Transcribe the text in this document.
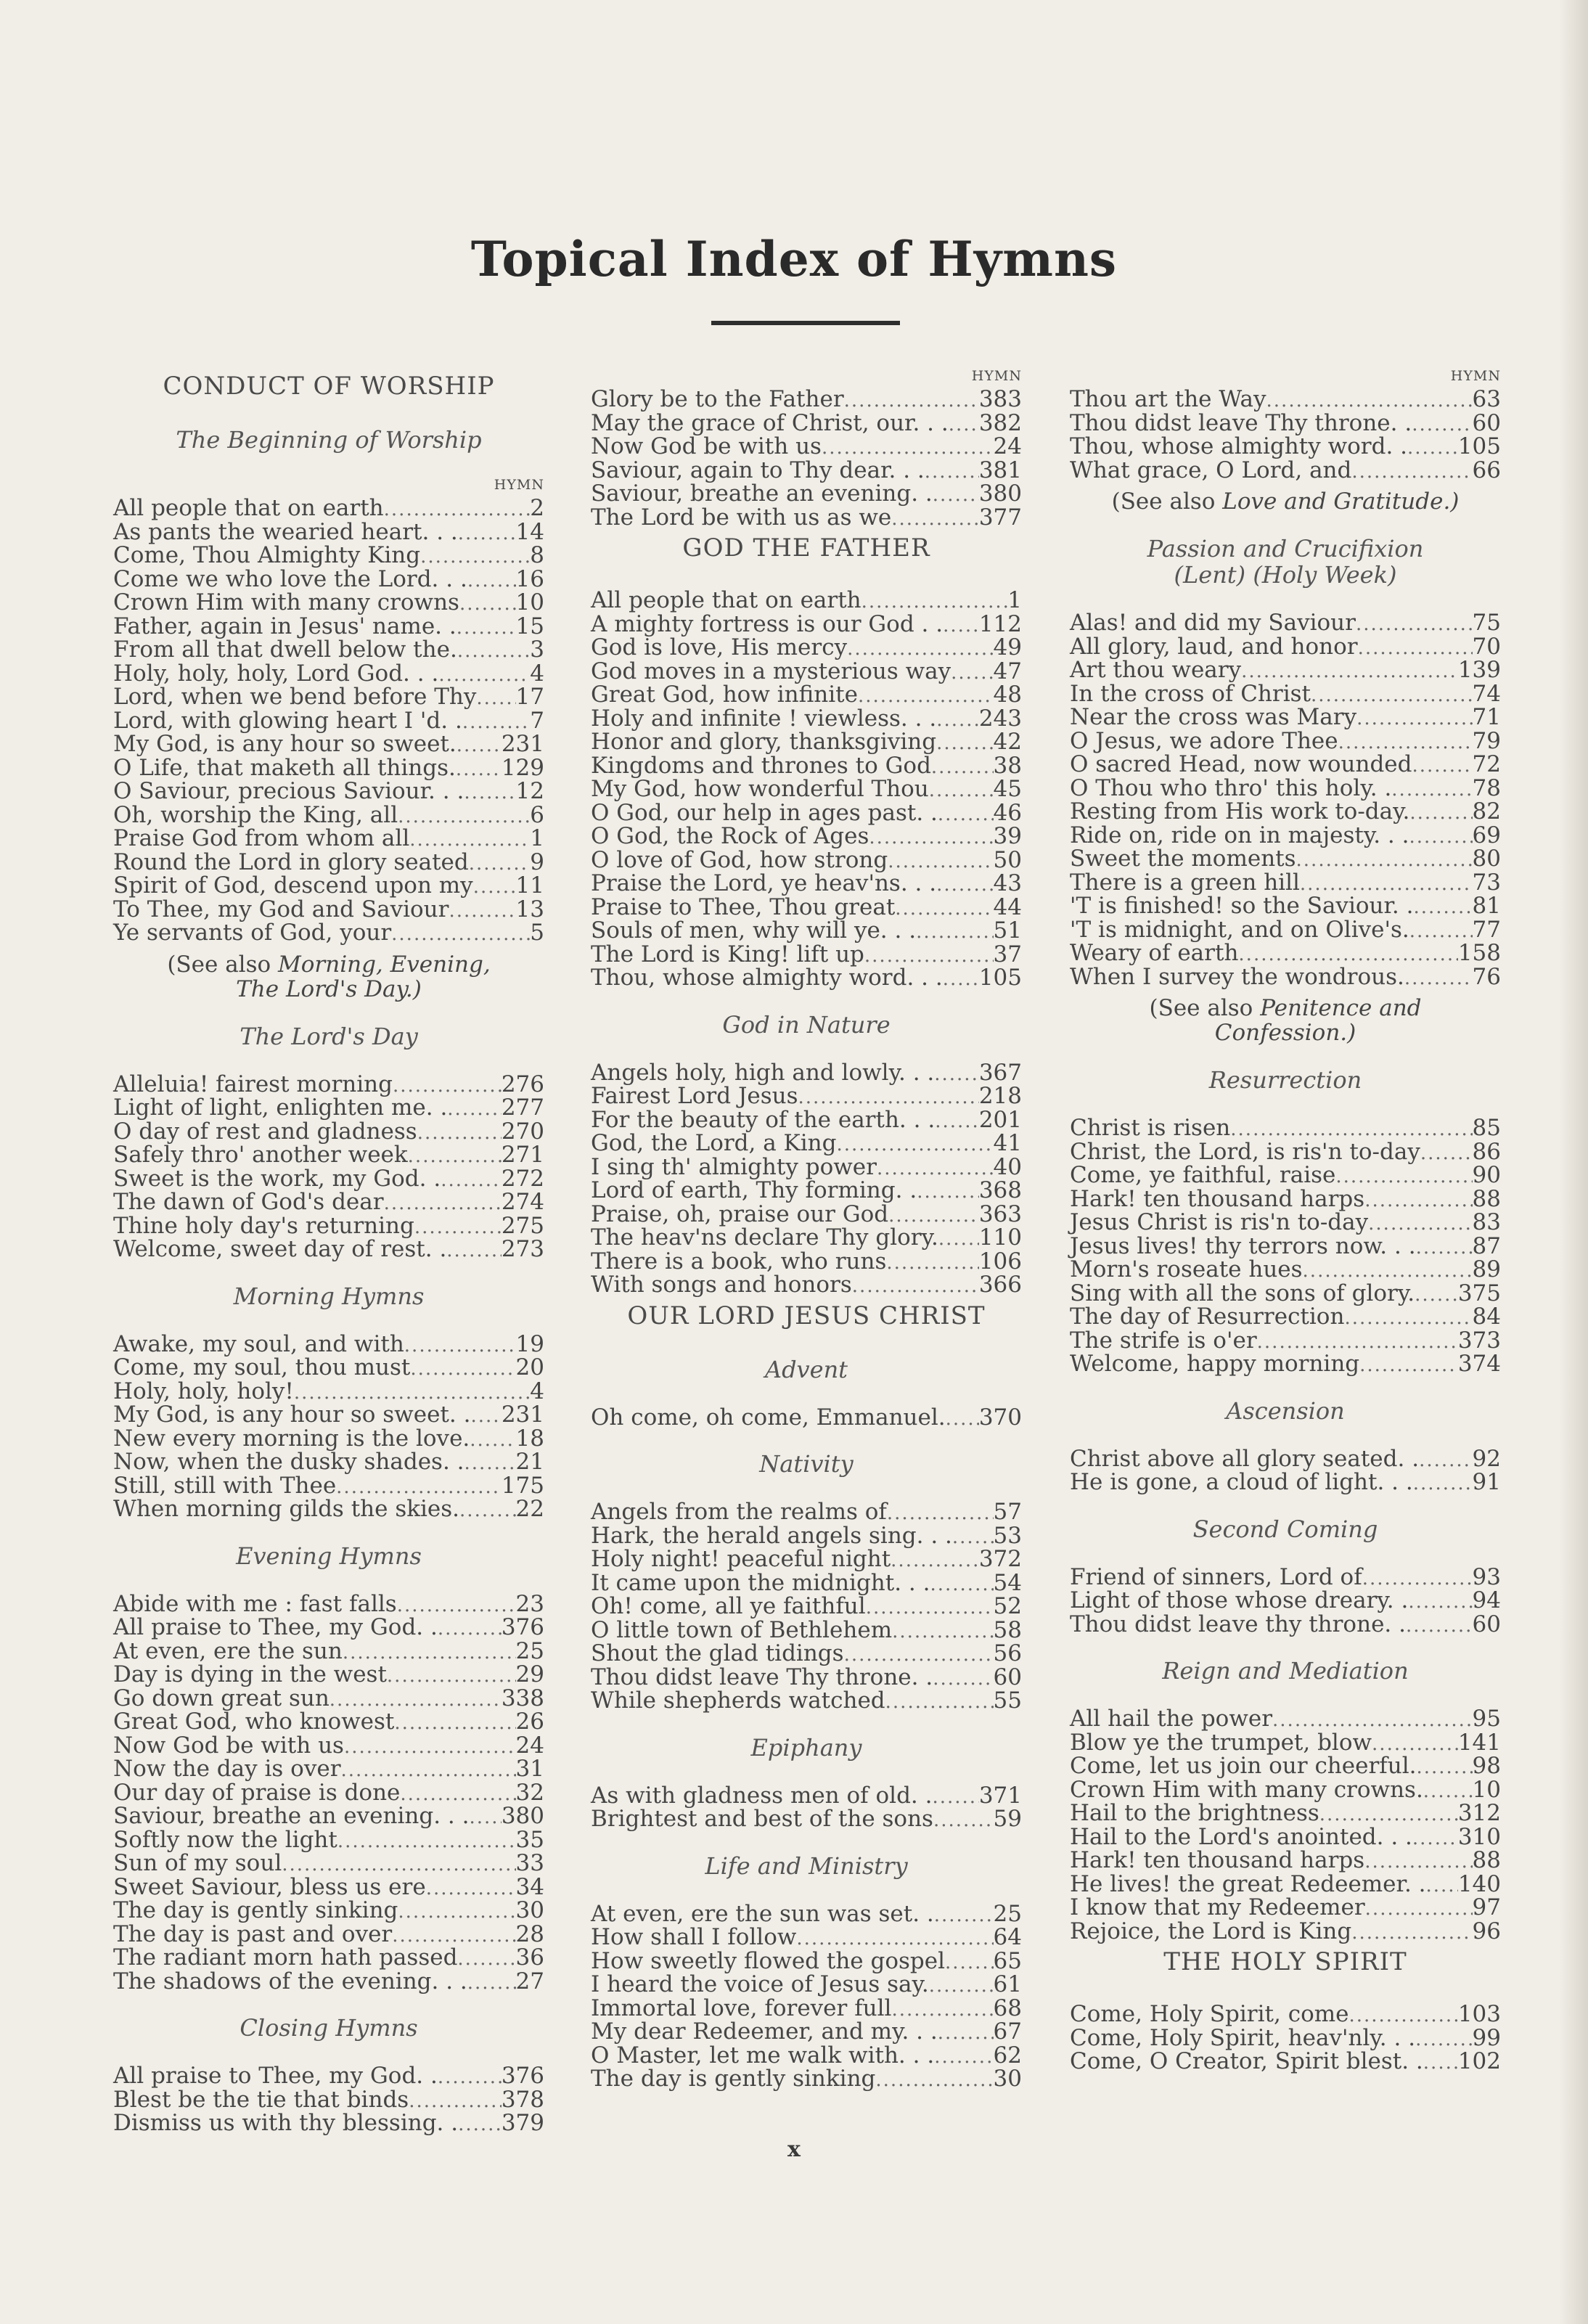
Topical Index of Hymns
CONDUCT OF WORSHIP
The Beginning of Worship
HYMN
All people that on earth .....	2
As pants the wearied heart. . . .....	14
Come, Thou Almighty King .....	8
Come we who love the Lord. . . ..... 16
Crown Him with many crowns .....	10
Father, again in Jesus' name. . .....	15
From all that dwell below the. .....	3
Holy, holy, holy, Lord God. . . .....	4
Lord, when we bend before Thy ..... 17
Lord, with glowing heart I 'd. . .....	7
My God, is any hour so sweet. ..... 231
O Life, that maketh all things. ..... 129
O Saviour, precious Saviour. . . ..... 12
Oh, worship the King, all .....	6
Praise God from whom all .....	1
Round the Lord in glory seated .....	9
Spirit of God, descend upon my ..... 11
To Thee, my God and Saviour .....	13
Ye servants of God, your .....	5
(See also Morning, Evening,
The Lord's Day.)
The Lord's Day
Alleluia! fairest morning .....	276
Light of light, enlighten me. . ..... 277
O day of rest and gladness .....	270
Safely thro' another week .....	271
Sweet is the work, my God. . .....	272
The dawn of God's dear .....	274
Thine holy day's returning .....	275
Welcome, sweet day of rest. . ..... 273
Morning Hymns
Awake, my soul, and with .....	19
Come, my soul, thou must .....	20
Holy, holy, holy! .....	4
My God, is any hour so sweet. . ..... 231
New every morning is the love. ..... 18
Now, when the dusky shades. . ..... 21
Still, still with Thee .....	175
When morning gilds the skies. .....	22
Evening Hymns
Abide with me : fast falls .....	23
All praise to Thee, my God. . .....	376
At even, ere the sun .....	25
Day is dying in the west .....	29
Go down great sun .....	338
Great God, who knowest .....	26
Now God be with us .....	24
Now the day is over .....	31
Our day of praise is done .....	32
Saviour, breathe an evening. . . ..... 380
Softly now the light .....	35
Sun of my soul .....	33
Sweet Saviour, bless us ere .....	34
The day is gently sinking .....	30
The day is past and over .....	28
The radiant morn hath passed .....	36
The shadows of the evening. . . ..... 27
Closing Hymns
All praise to Thee, my God. . .....	376
Blest be the tie that binds .....	378
Dismiss us with thy blessing. . ..... 379
HYMN
Glory be to the Father .....	383
May the grace of Christ, our. . . ..... 382
Now God be with us .....	24
Saviour, again to Thy dear. . . ..... 381
Saviour, breathe an evening. . ..... 380
The Lord be with us as we .....	377
GOD THE FATHER
All people that on earth .....	1
A mighty fortress is our God . . ..... 112
God is love, His mercy .....	49
God moves in a mysterious way ..... 47
Great God, how infinite .....	48
Holy and infinite ! viewless. . . ..... 243
Honor and glory, thanksgiving .....	42
Kingdoms and thrones to God .....	38
My God, how wonderful Thou .....	45
O God, our help in ages past. . ..... 46
O God, the Rock of Ages .....	39
O love of God, how strong .....	50
Praise the Lord, ye heav'ns. . . .....	43
Praise to Thee, Thou great .....	44
Souls of men, why will ye. . . .....	51
The Lord is King! lift up .....	37
Thou, whose almighty word. . . ..... 105
God in Nature
Angels holy, high and lowly. . . ..... 367
Fairest Lord Jesus .....	218
For the beauty of the earth. . . ..... 201
God, the Lord, a King .....	41
I sing th' almighty power .....	40
Lord of earth, Thy forming. . .....	368
Praise, oh, praise our God .....	363
The heav'ns declare Thy glory. ..... 110
There is a book, who runs .....	106
With songs and honors .....	366
OUR LORD JESUS CHRIST
Advent
Oh come, oh come, Emmanuel. ..... 370
Nativity
Angels from the realms of .....	57
Hark, the herald angels sing. . . ..... 53
Holy night! peaceful night .....	372
It came upon the midnight. . . .....	54
Oh! come, all ye faithful .....	52
O little town of Bethlehem .....	58
Shout the glad tidings .....	56
Thou didst leave Thy throne. . .....	60
While shepherds watched .....	55
Epiphany
As with gladness men of old. . ..... 371
Brightest and best of the sons .....	59
Life and Ministry
At even, ere the sun was set. . .....	25
How shall I follow .....	64
How sweetly flowed the gospel ..... 65
I heard the voice of Jesus say. .....	61
Immortal love, forever full .....	68
My dear Redeemer, and my. . . ..... 67
O Master, let me walk with. . . .....	62
The day is gently sinking .....	30
HYMN
Thou art the Way .....	63
Thou didst leave Thy throne. . .....	60
Thou, whose almighty word. . ..... 105
What grace, O Lord, and .....	66
(See also Love and Gratitude.)
Passion and Crucifixion
(Lent) (Holy Week)
Alas! and did my Saviour .....	75
All glory, laud, and honor .....	70
Art thou weary .....	139
In the cross of Christ .....	74
Near the cross was Mary .....	71
O Jesus, we adore Thee .....	79
O sacred Head, now wounded .....	72
O Thou who thro' this holy. . .....	78
Resting from His work to-day. .....	82
Ride on, ride on in majesty. . . .....	69
Sweet the moments .....	80
There is a green hill .....	73
'T is finished! so the Saviour. . .....	81
'T is midnight, and on Olive's. .....	77
Weary of earth .....	158
When I survey the wondrous. .....	76
(See also Penitence and
Confession.)
Resurrection
Christ is risen .....	85
Christ, the Lord, is ris'n to-day ..... 86
Come, ye faithful, raise .....	90
Hark! ten thousand harps .....	88
Jesus Christ is ris'n to-day .....	83
Jesus lives! thy terrors now. . . .....	87
Morn's roseate hues .....	89
Sing with all the sons of glory. ..... 375
The day of Resurrection .....	84
The strife is o'er .....	373
Welcome, happy morning .....	374
Ascension
Christ above all glory seated. . ..... 92
He is gone, a cloud of light. . . .....	91
Second Coming
Friend of sinners, Lord of .....	93
Light of those whose dreary. . .....	94
Thou didst leave thy throne. . .....	60
Reign and Mediation
All hail the power .....	95
Blow ye the trumpet, blow .....	141
Come, let us join our cheerful. ..... 98
Crown Him with many crowns. ..... 10
Hail to the brightness .....	312
Hail to the Lord's anointed. . . ..... 310
Hark! ten thousand harps .....	88
He lives! the great Redeemer. . ..... 140
I know that my Redeemer .....	97
Rejoice, the Lord is King .....	96
THE HOLY SPIRIT
Come, Holy Spirit, come .....	103
Come, Holy Spirit, heav'nly. . . .....	99
Come, O Creator, Spirit blest. . ..... 102
x
